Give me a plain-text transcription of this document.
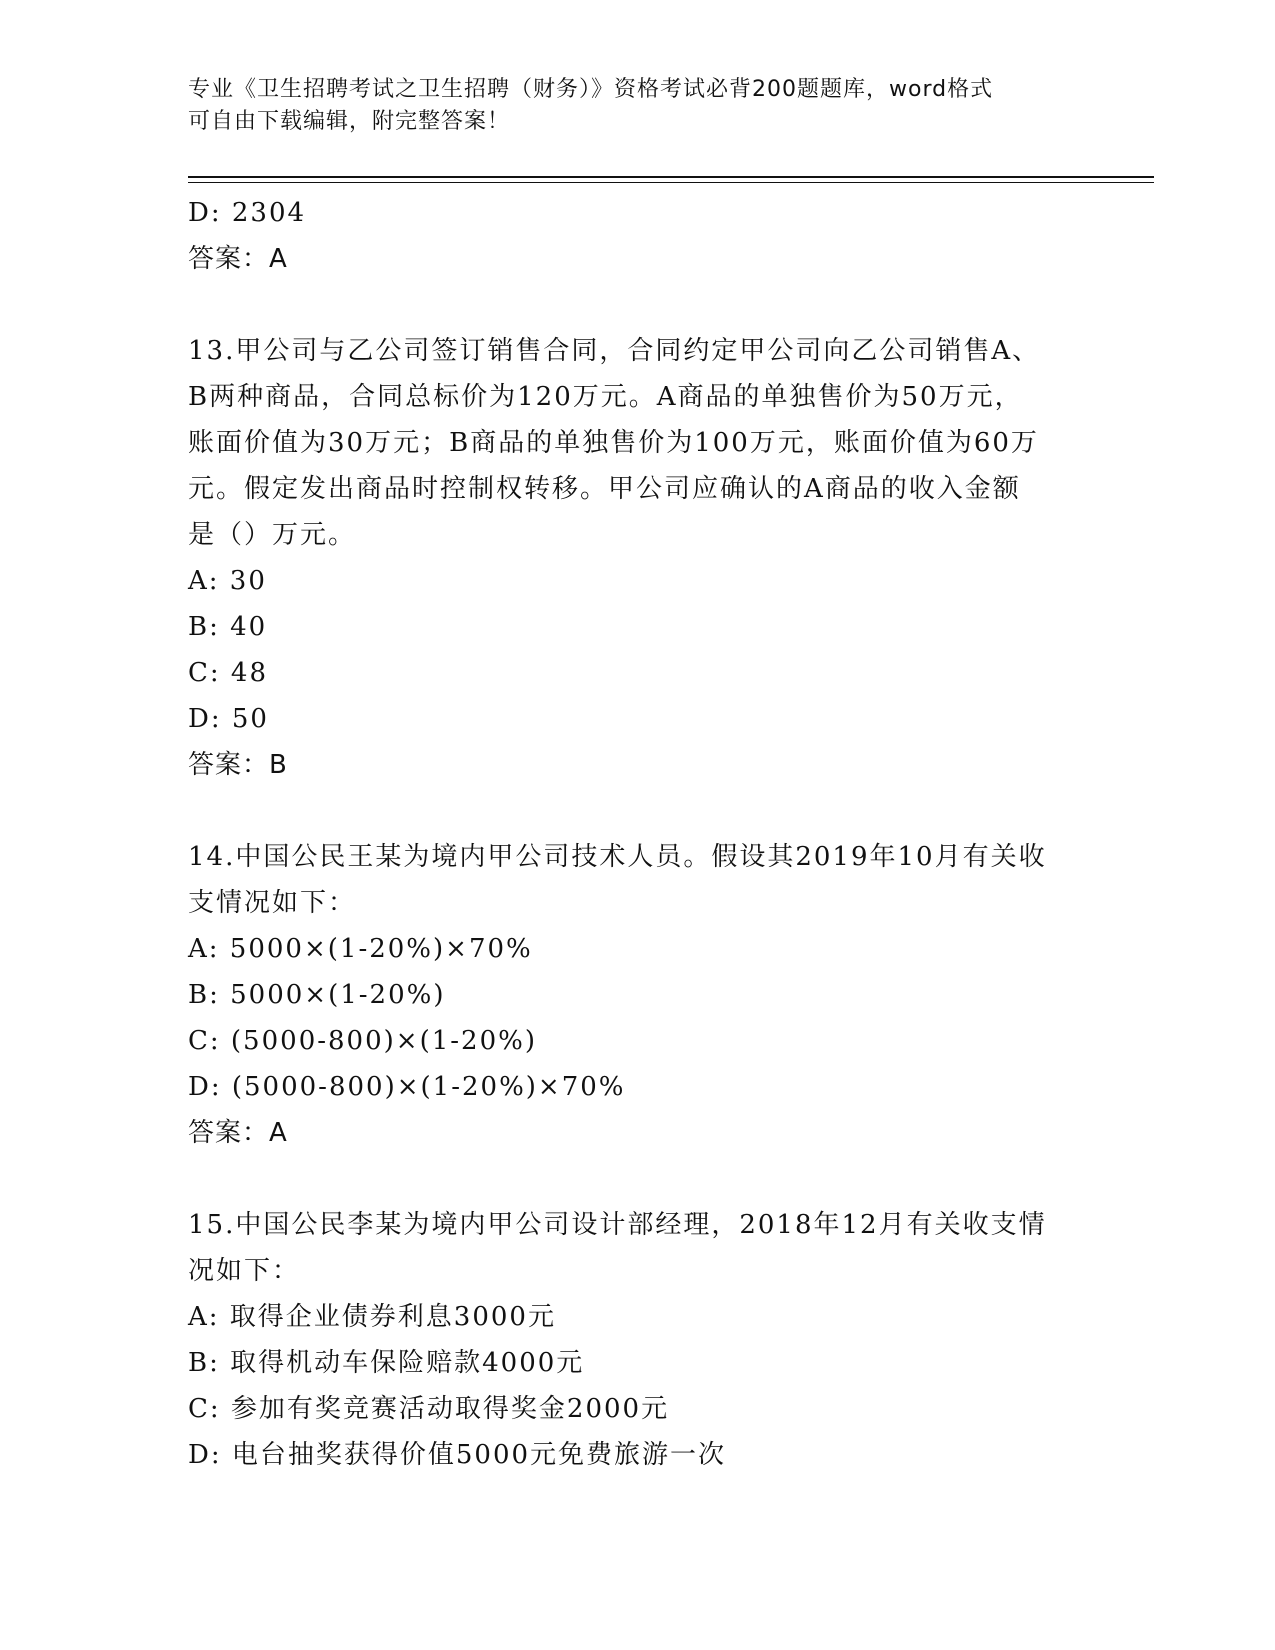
专业《卫生招聘考试之卫生招聘（财务）》资格考试必背200题题库，word格式
可自由下载编辑，附完整答案！
D: 2304
答案：A
13.甲公司与乙公司签订销售合同，合同约定甲公司向乙公司销售A、
B两种商品，合同总标价为120万元。A商品的单独售价为50万元，
账面价值为30万元；B商品的单独售价为100万元，账面价值为60万
元。假定发出商品时控制权转移。甲公司应确认的A商品的收入金额
是（）万元。
A: 30
B: 40
C: 48
D: 50
答案：B
14.中国公民王某为境内甲公司技术人员。假设其2019年10月有关收
支情况如下：
A: 5000×(1-20%)×70%
B: 5000×(1-20%)
C: (5000-800)×(1-20%)
D: (5000-800)×(1-20%)×70%
答案：A
15.中国公民李某为境内甲公司设计部经理，2018年12月有关收支情
况如下：
A: 取得企业债券利息3000元
B: 取得机动车保险赔款4000元
C: 参加有奖竞赛活动取得奖金2000元
D: 电台抽奖获得价值5000元免费旅游一次
